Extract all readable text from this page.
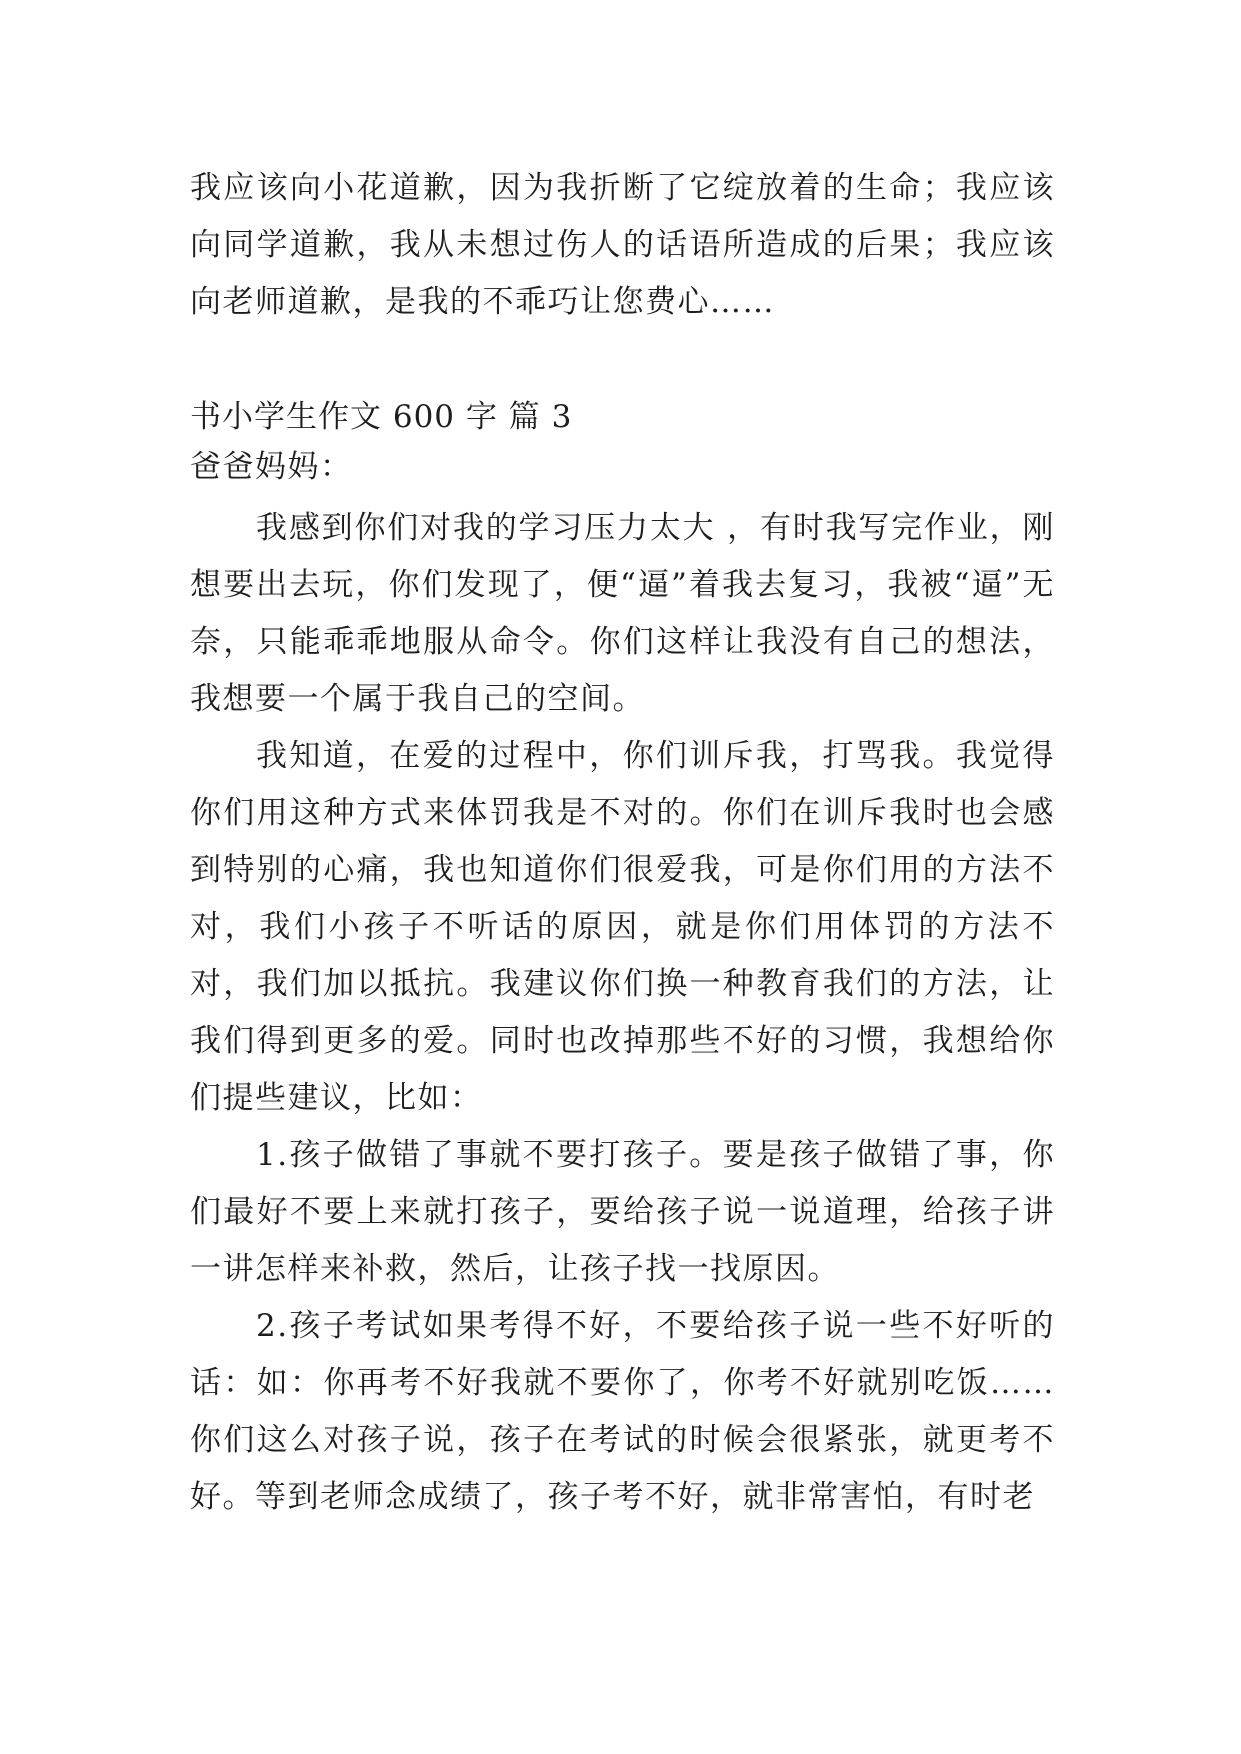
我应该向小花道歉，因为我折断了它绽放着的生命；我应该向同学道歉，我从未想过伤人的话语所造成的后果；我应该向老师道歉，是我的不乖巧让您费心……

书小学生作文 600 字 篇 3

爸爸妈妈：

我感到你们对我的学习压力太大 ，有时我写完作业，刚想要出去玩，你们发现了，便“逼”着我去复习，我被“逼”无奈，只能乖乖地服从命令。你们这样让我没有自己的想法，我想要一个属于我自己的空间。

我知道，在爱的过程中，你们训斥我，打骂我。我觉得你们用这种方式来体罚我是不对的。你们在训斥我时也会感到特别的心痛，我也知道你们很爱我，可是你们用的方法不对，我们小孩子不听话的原因，就是你们用体罚的方法不对，我们加以抵抗。我建议你们换一种教育我们的方法，让我们得到更多的爱。同时也改掉那些不好的习惯，我想给你们提些建议，比如：

1.孩子做错了事就不要打孩子。要是孩子做错了事，你们最好不要上来就打孩子，要给孩子说一说道理，给孩子讲一讲怎样来补救，然后，让孩子找一找原因。

2.孩子考试如果考得不好，不要给孩子说一些不好听的话：如：你再考不好我就不要你了，你考不好就别吃饭……你们这么对孩子说，孩子在考试的时候会很紧张，就更考不好。等到老师念成绩了，孩子考不好，就非常害怕，有时老
